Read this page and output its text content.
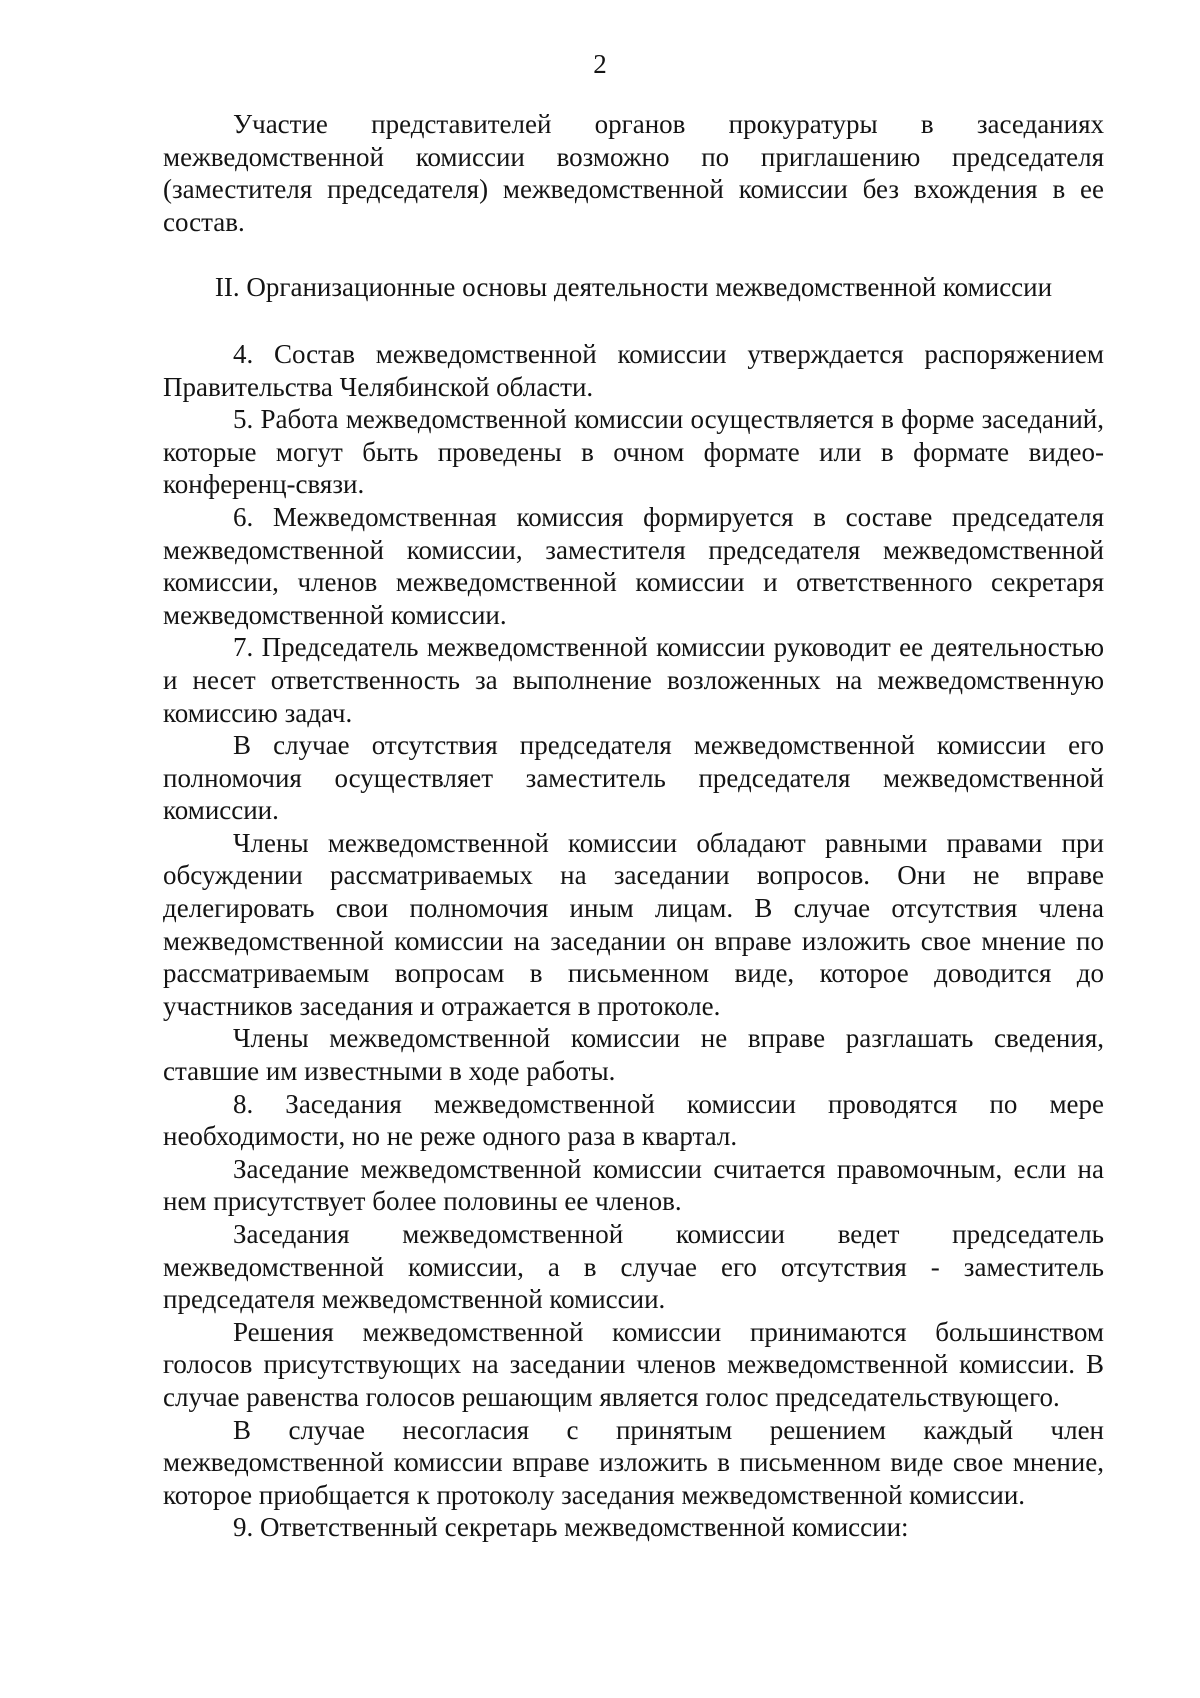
2

Участие представителей органов прокуратуры в заседаниях межведомственной комиссии возможно по приглашению председателя (заместителя председателя) межведомственной комиссии без вхождения в ее состав.

II. Организационные основы деятельности межведомственной комиссии

4. Состав межведомственной комиссии утверждается распоряжением Правительства Челябинской области.

5. Работа межведомственной комиссии осуществляется в форме заседаний, которые могут быть проведены в очном формате или в формате видео-конференц-связи.

6. Межведомственная комиссия формируется в составе председателя межведомственной комиссии, заместителя председателя межведомственной комиссии, членов межведомственной комиссии и ответственного секретаря межведомственной комиссии.

7. Председатель межведомственной комиссии руководит ее деятельностью и несет ответственность за выполнение возложенных на межведомственную комиссию задач.

В случае отсутствия председателя межведомственной комиссии его полномочия осуществляет заместитель председателя межведомственной комиссии.

Члены межведомственной комиссии обладают равными правами при обсуждении рассматриваемых на заседании вопросов. Они не вправе делегировать свои полномочия иным лицам. В случае отсутствия члена межведомственной комиссии на заседании он вправе изложить свое мнение по рассматриваемым вопросам в письменном виде, которое доводится до участников заседания и отражается в протоколе.

Члены межведомственной комиссии не вправе разглашать сведения, ставшие им известными в ходе работы.

8. Заседания межведомственной комиссии проводятся по мере необходимости, но не реже одного раза в квартал.

Заседание межведомственной комиссии считается правомочным, если на нем присутствует более половины ее членов.

Заседания межведомственной комиссии ведет председатель межведомственной комиссии, а в случае его отсутствия - заместитель председателя межведомственной комиссии.

Решения межведомственной комиссии принимаются большинством голосов присутствующих на заседании членов межведомственной комиссии. В случае равенства голосов решающим является голос председательствующего.

В случае несогласия с принятым решением каждый член межведомственной комиссии вправе изложить в письменном виде свое мнение, которое приобщается к протоколу заседания межведомственной комиссии.

9. Ответственный секретарь межведомственной комиссии:
